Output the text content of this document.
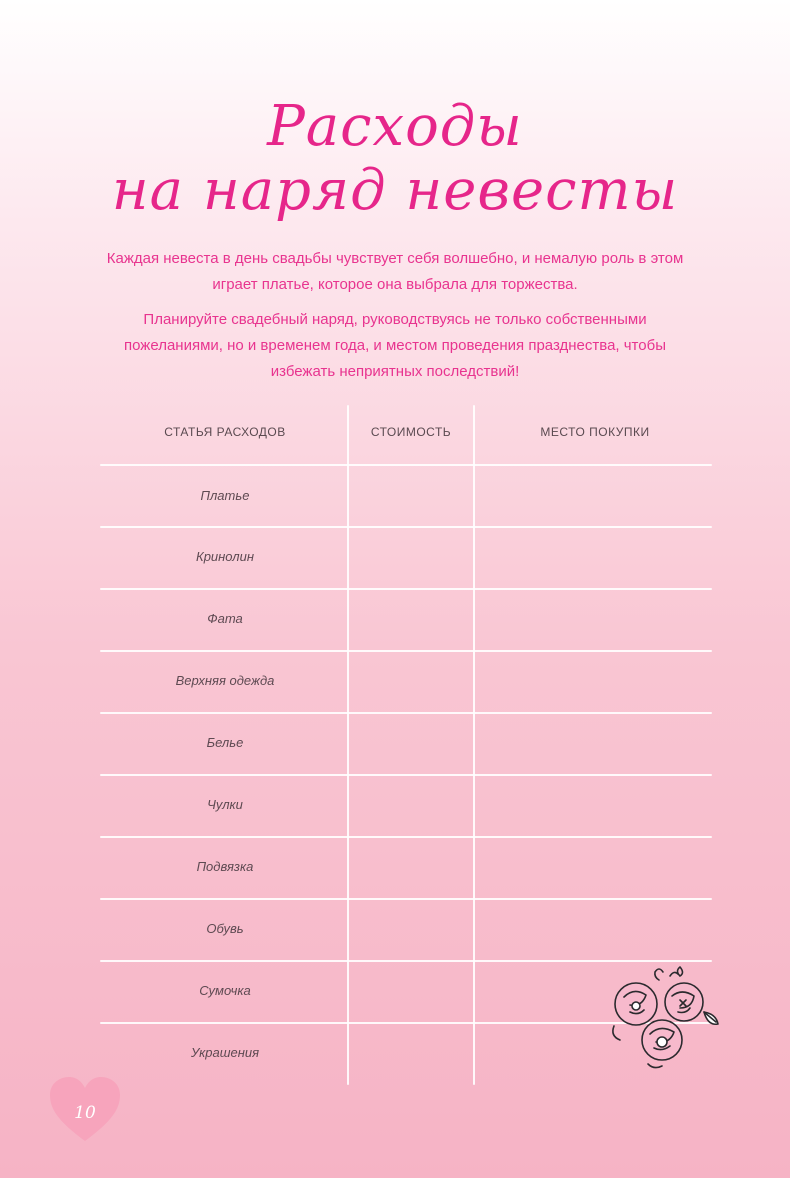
Расходы
на наряд невесты
Каждая невеста в день свадьбы чувствует себя волшебно, и немалую роль в этом играет платье, которое она выбрала для торжества.
Планируйте свадебный наряд, руководствуясь не только собственными пожеланиями, но и временем года, и местом проведения празднества, чтобы избежать неприятных последствий!
СТАТЬЯ РАСХОДОВ	СТОИМОСТЬ	МЕСТО ПОКУПКИ
Платье
Кринолин
Фата
Верхняя одежда
Белье
Чулки
Подвязка
Обувь
Сумочка
Украшения
10
